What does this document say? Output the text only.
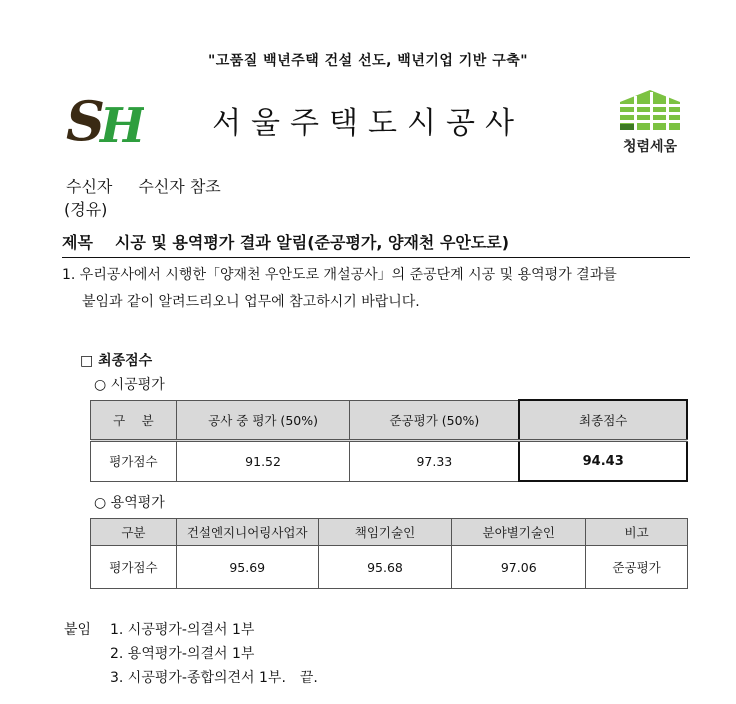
"고품질 백년주택 건설 선도, 백년기업 기반 구축"
S
H	서울주택도시공사
청렴세움
수신자 수신자 참조
(경유)
제목 시공 및 용역평가 결과 알림(준공평가, 양재천 우안도로)
1. 우리공사에서 시행한「양재천 우안도로 개설공사」의 준공단계 시공 및 용역평가 결과를
붙임과 같이 알려드리오니 업무에 참고하시기 바랍니다.
□ 최종점수
○ 시공평가
구　 분	공사 중 평가 (50%)	준공평가 (50%)	최종점수
평가점수	91.52	97.33	94.43
○ 용역평가
구분	건설엔지니어링사업자	책임기술인	분야별기술인	비고
평가점수	95.69	95.68	97.06	준공평가
붙임	1. 시공평가-의결서 1부
2. 용역평가-의결서 1부
3. 시공평가-종합의견서 1부.　끝.
